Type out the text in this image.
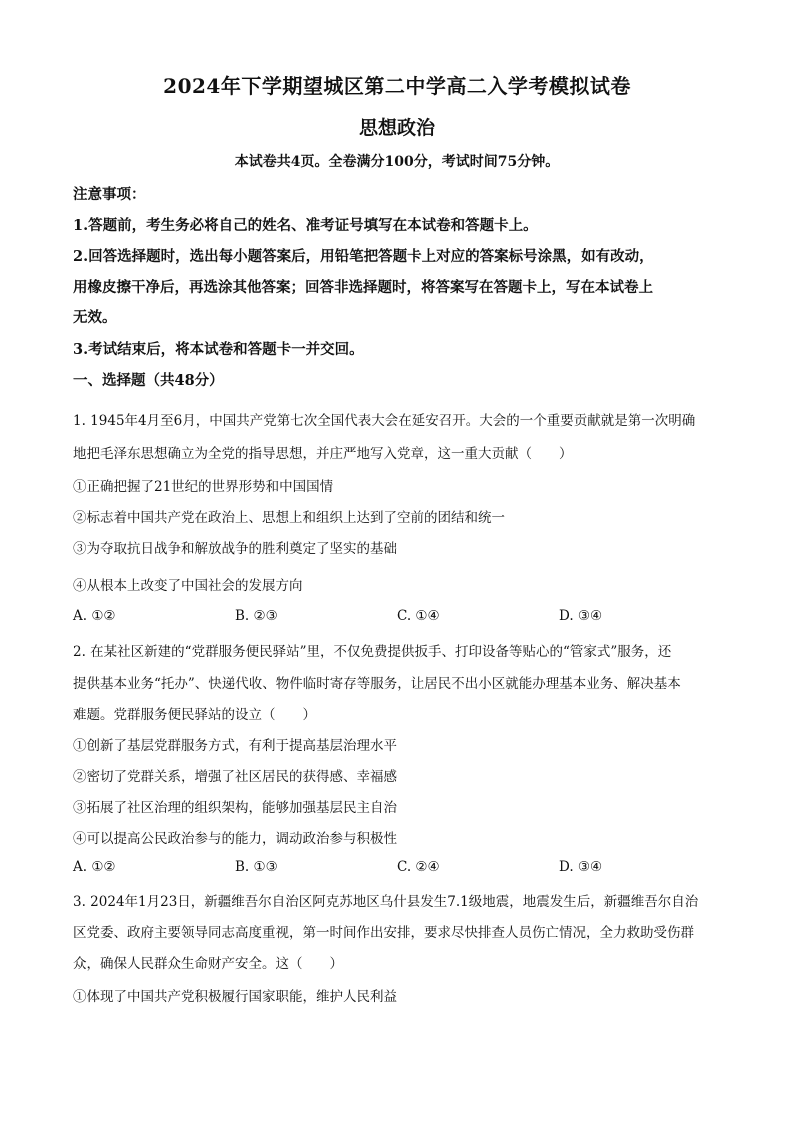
2024年下学期望城区第二中学高二入学考模拟试卷
思想政治
本试卷共4页。全卷满分100分，考试时间75分钟。
注意事项：
1.答题前，考生务必将自己的姓名、准考证号填写在本试卷和答题卡上。
2.回答选择题时，选出每小题答案后，用铅笔把答题卡上对应的答案标号涂黑，如有改动，
用橡皮擦干净后，再选涂其他答案；回答非选择题时，将答案写在答题卡上，写在本试卷上
无效。
3.考试结束后，将本试卷和答题卡一并交回。
一、选择题（共48分）
1. 1945年4月至6月，中国共产党第七次全国代表大会在延安召开。大会的一个重要贡献就是第一次明确
地把毛泽东思想确立为全党的指导思想，并庄严地写入党章，这一重大贡献（　　）
①正确把握了21世纪的世界形势和中国国情
②标志着中国共产党在政治上、思想上和组织上达到了空前的团结和统一
③为夺取抗日战争和解放战争的胜利奠定了坚实的基础
④从根本上改变了中国社会的发展方向
A. ①②	B. ②③	C. ①④	D. ③④
2. 在某社区新建的“党群服务便民驿站”里，不仅免费提供扳手、打印设备等贴心的“管家式”服务，还
提供基本业务“托办”、快递代收、物件临时寄存等服务，让居民不出小区就能办理基本业务、解决基本
难题。党群服务便民驿站的设立（　　）
①创新了基层党群服务方式，有利于提高基层治理水平
②密切了党群关系，增强了社区居民的获得感、幸福感
③拓展了社区治理的组织架构，能够加强基层民主自治
④可以提高公民政治参与的能力，调动政治参与积极性
A. ①②	B. ①③	C. ②④	D. ③④
3. 2024年1月23日，新疆维吾尔自治区阿克苏地区乌什县发生7.1级地震，地震发生后，新疆维吾尔自治
区党委、政府主要领导同志高度重视，第一时间作出安排，要求尽快排查人员伤亡情况，全力救助受伤群
众，确保人民群众生命财产安全。这（　　）
①体现了中国共产党积极履行国家职能，维护人民利益
